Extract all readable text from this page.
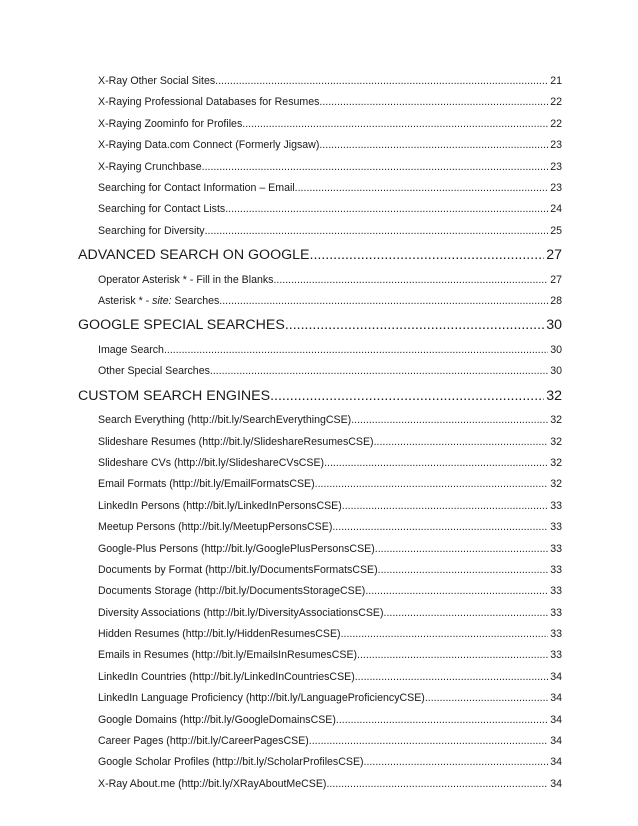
X-Ray Other Social Sites .....	21
X-Raying Professional Databases for Resumes .....	22
X-Raying Zoominfo for Profiles .....	22
X-Raying Data.com Connect (Formerly Jigsaw) .....	23
X-Raying Crunchbase .....	23
Searching for Contact Information – Email .....	23
Searching for Contact Lists .....	24
Searching for Diversity .....	25
ADVANCED SEARCH ON GOOGLE .....	27
Operator Asterisk * - Fill in the Blanks .....	27
Asterisk * - site: Searches .....	28
GOOGLE SPECIAL SEARCHES .....	30
Image Search .....	30
Other Special Searches .....	30
CUSTOM SEARCH ENGINES .....	32
Search Everything (http://bit.ly/SearchEverythingCSE) .....	32
Slideshare Resumes (http://bit.ly/SlideshareResumesCSE) .....	32
Slideshare CVs (http://bit.ly/SlideshareCVsCSE) .....	32
Email Formats (http://bit.ly/EmailFormatsCSE) .....	32
LinkedIn Persons (http://bit.ly/LinkedInPersonsCSE) .....	33
Meetup Persons (http://bit.ly/MeetupPersonsCSE) .....	33
Google-Plus Persons (http://bit.ly/GooglePlusPersonsCSE) .....	33
Documents by Format (http://bit.ly/DocumentsFormatsCSE) .....	33
Documents Storage (http://bit.ly/DocumentsStorageCSE) .....	33
Diversity Associations (http://bit.ly/DiversityAssociationsCSE) .....	33
Hidden Resumes (http://bit.ly/HiddenResumesCSE) .....	33
Emails in Resumes (http://bit.ly/EmailsInResumesCSE) .....	33
LinkedIn Countries (http://bit.ly/LinkedInCountriesCSE) .....	34
LinkedIn Language Proficiency (http://bit.ly/LanguageProficiencyCSE) .....	34
Google Domains (http://bit.ly/GoogleDomainsCSE) .....	34
Career Pages (http://bit.ly/CareerPagesCSE) .....	34
Google Scholar Profiles (http://bit.ly/ScholarProfilesCSE) .....	34
X-Ray About.me (http://bit.ly/XRayAboutMeCSE) .....	34
